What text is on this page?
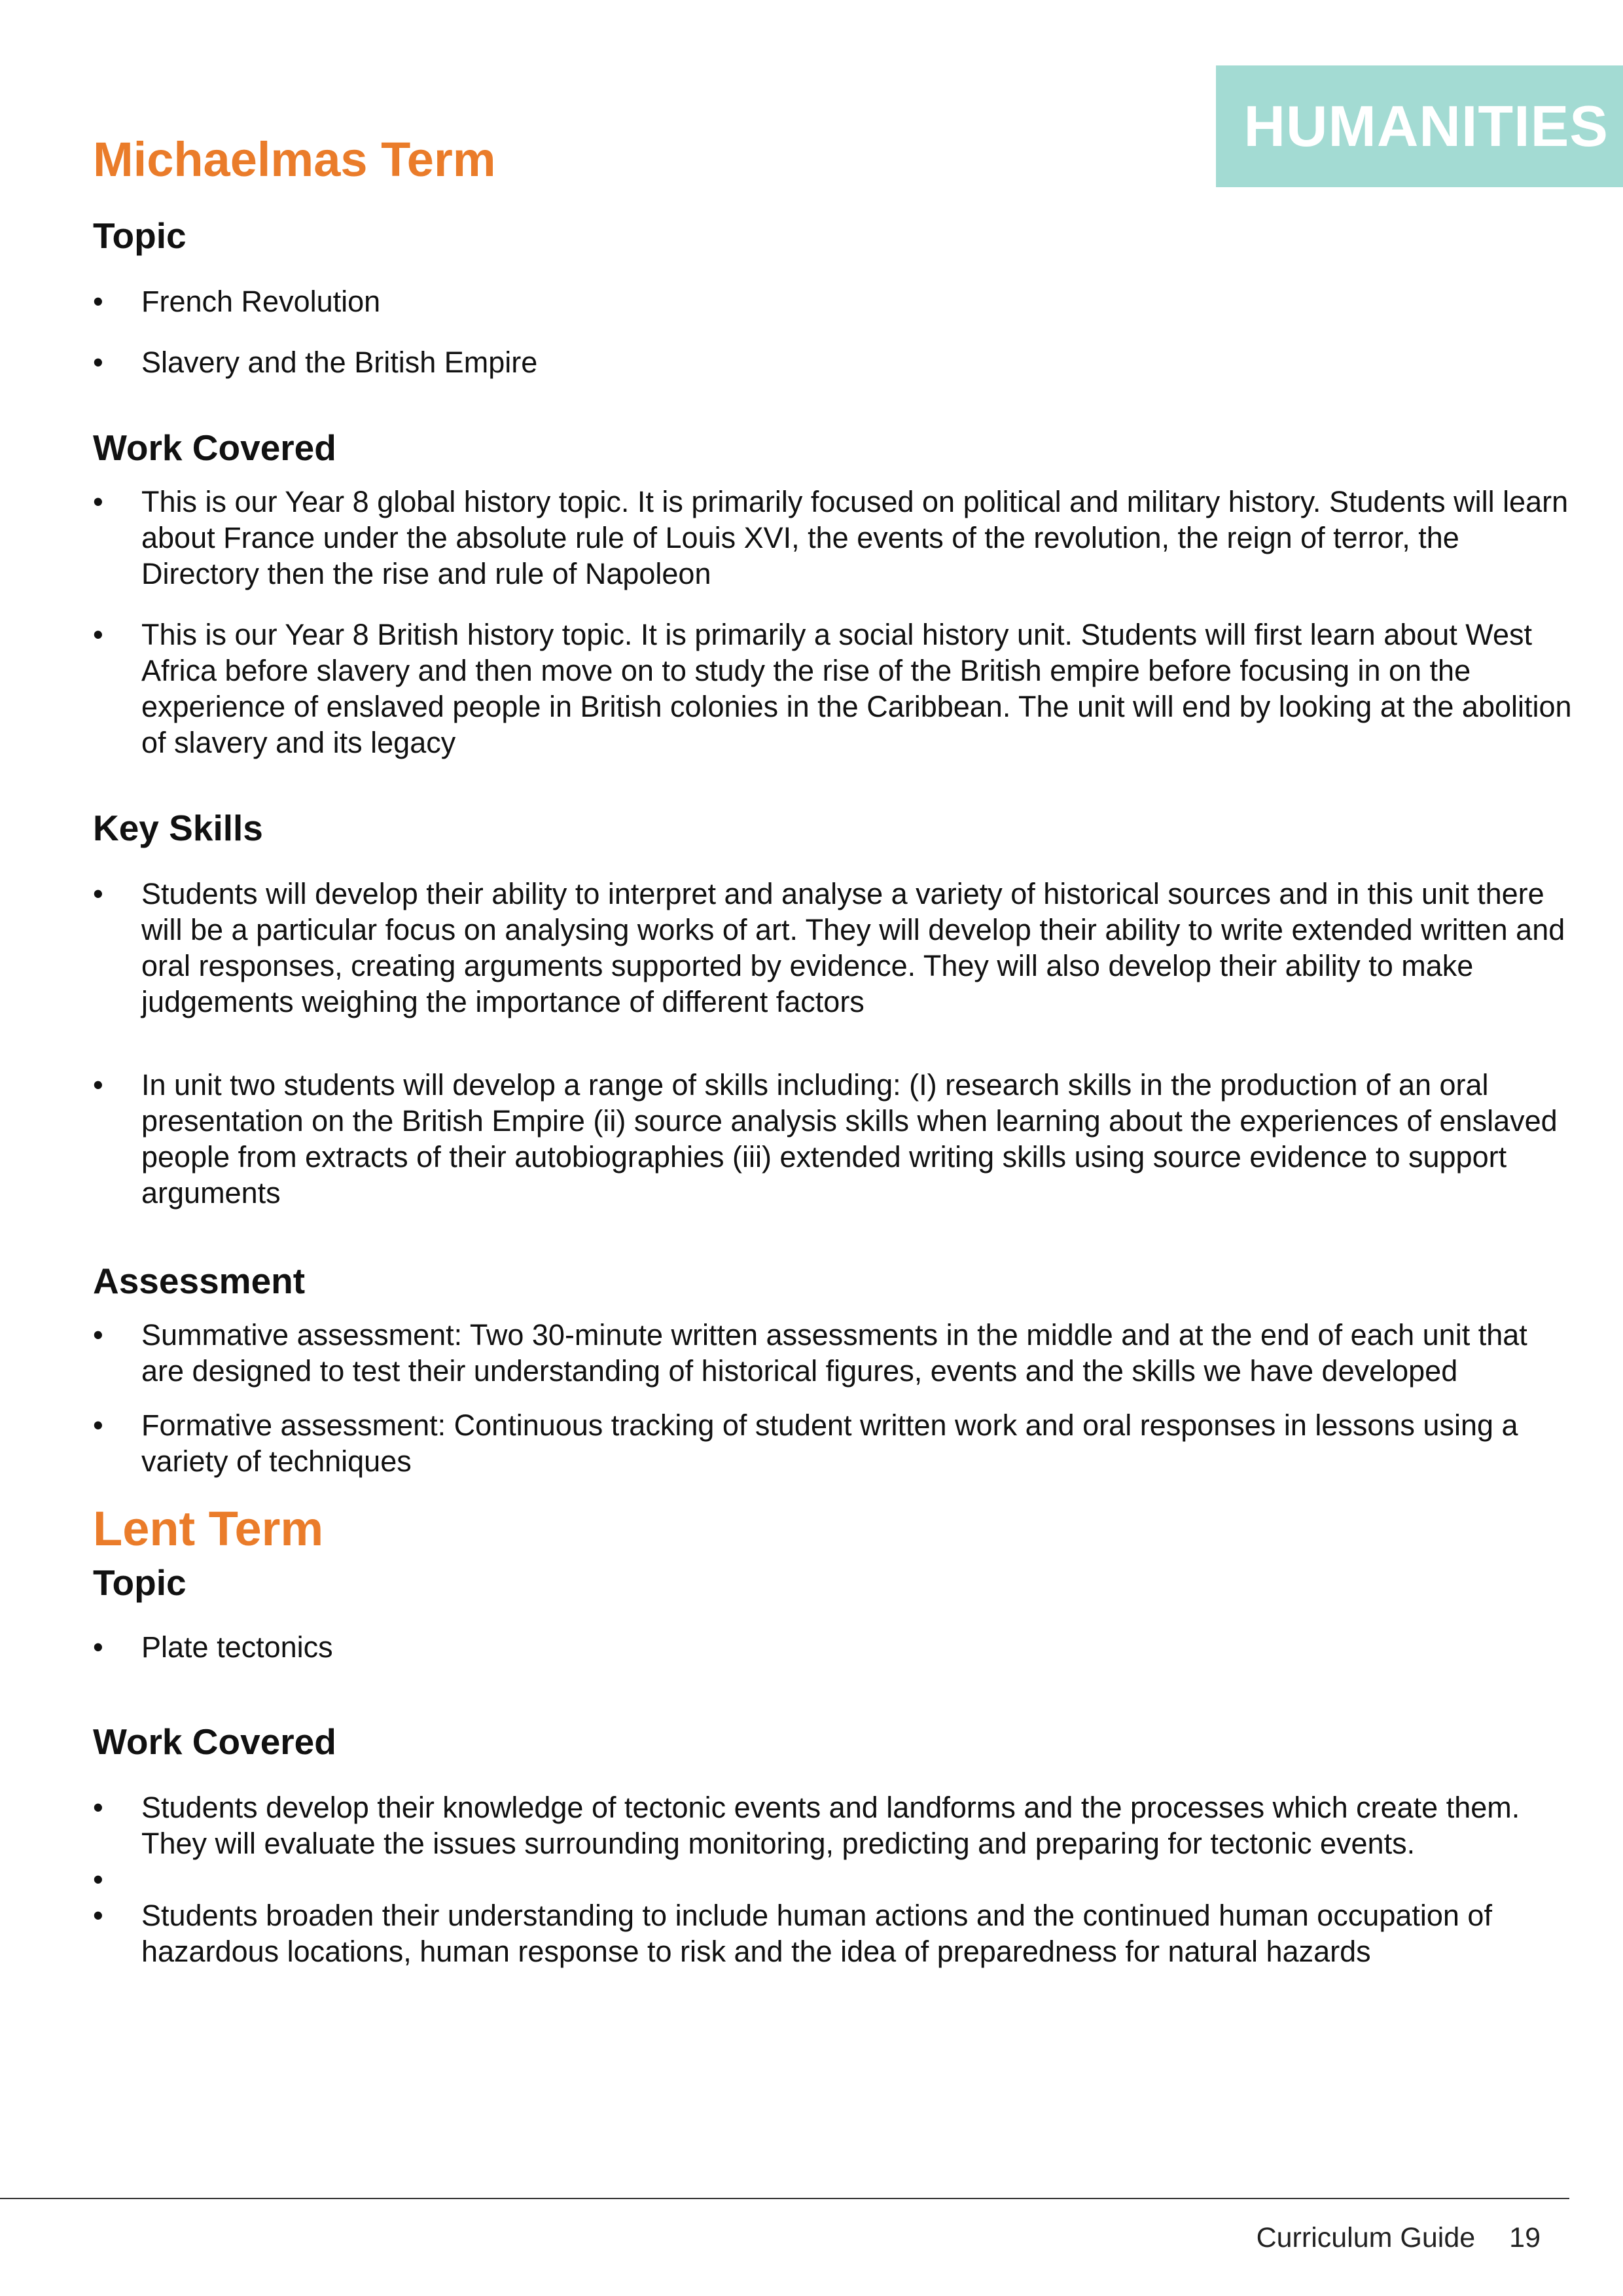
HUMANITIES
Michaelmas Term
Topic
• French Revolution
• Slavery and the British Empire
Work Covered
• This is our Year 8 global history topic. It is primarily focused on political and military history. Students will learn about France under the absolute rule of Louis XVI, the events of the revolution, the reign of terror, the Directory then the rise and rule of Napoleon
• This is our Year 8 British history topic. It is primarily a social history unit. Students will first learn about West Africa before slavery and then move on to study the rise of the British empire before focusing in on the experience of enslaved people in British colonies in the Caribbean. The unit will end by looking at the abolition of slavery and its legacy
Key Skills
• Students will develop their ability to interpret and analyse a variety of historical sources and in this unit there will be a particular focus on analysing works of art. They will develop their ability to write extended written and oral responses, creating arguments supported by evidence. They will also develop their ability to make judgements weighing the importance of different factors
• In unit two students will develop a range of skills including: (I) research skills in the production of an oral presentation on the British Empire (ii) source analysis skills when learning about the experiences of enslaved people from extracts of their autobiographies (iii) extended writing skills using source evidence to support arguments
Assessment
• Summative assessment: Two 30-minute written assessments in the middle and at the end of each unit that are designed to test their understanding of historical figures, events and the skills we have developed
• Formative assessment: Continuous tracking of student written work and oral responses in lessons using a variety of techniques
Lent Term
Topic
• Plate tectonics
Work Covered
• Students develop their knowledge of tectonic events and landforms and the processes which create them. They will evaluate the issues surrounding monitoring, predicting and preparing for tectonic events.
•
• Students broaden their understanding to include human actions and the continued human occupation of hazardous locations, human response to risk and the idea of preparedness for natural hazards
Curriculum Guide 19
